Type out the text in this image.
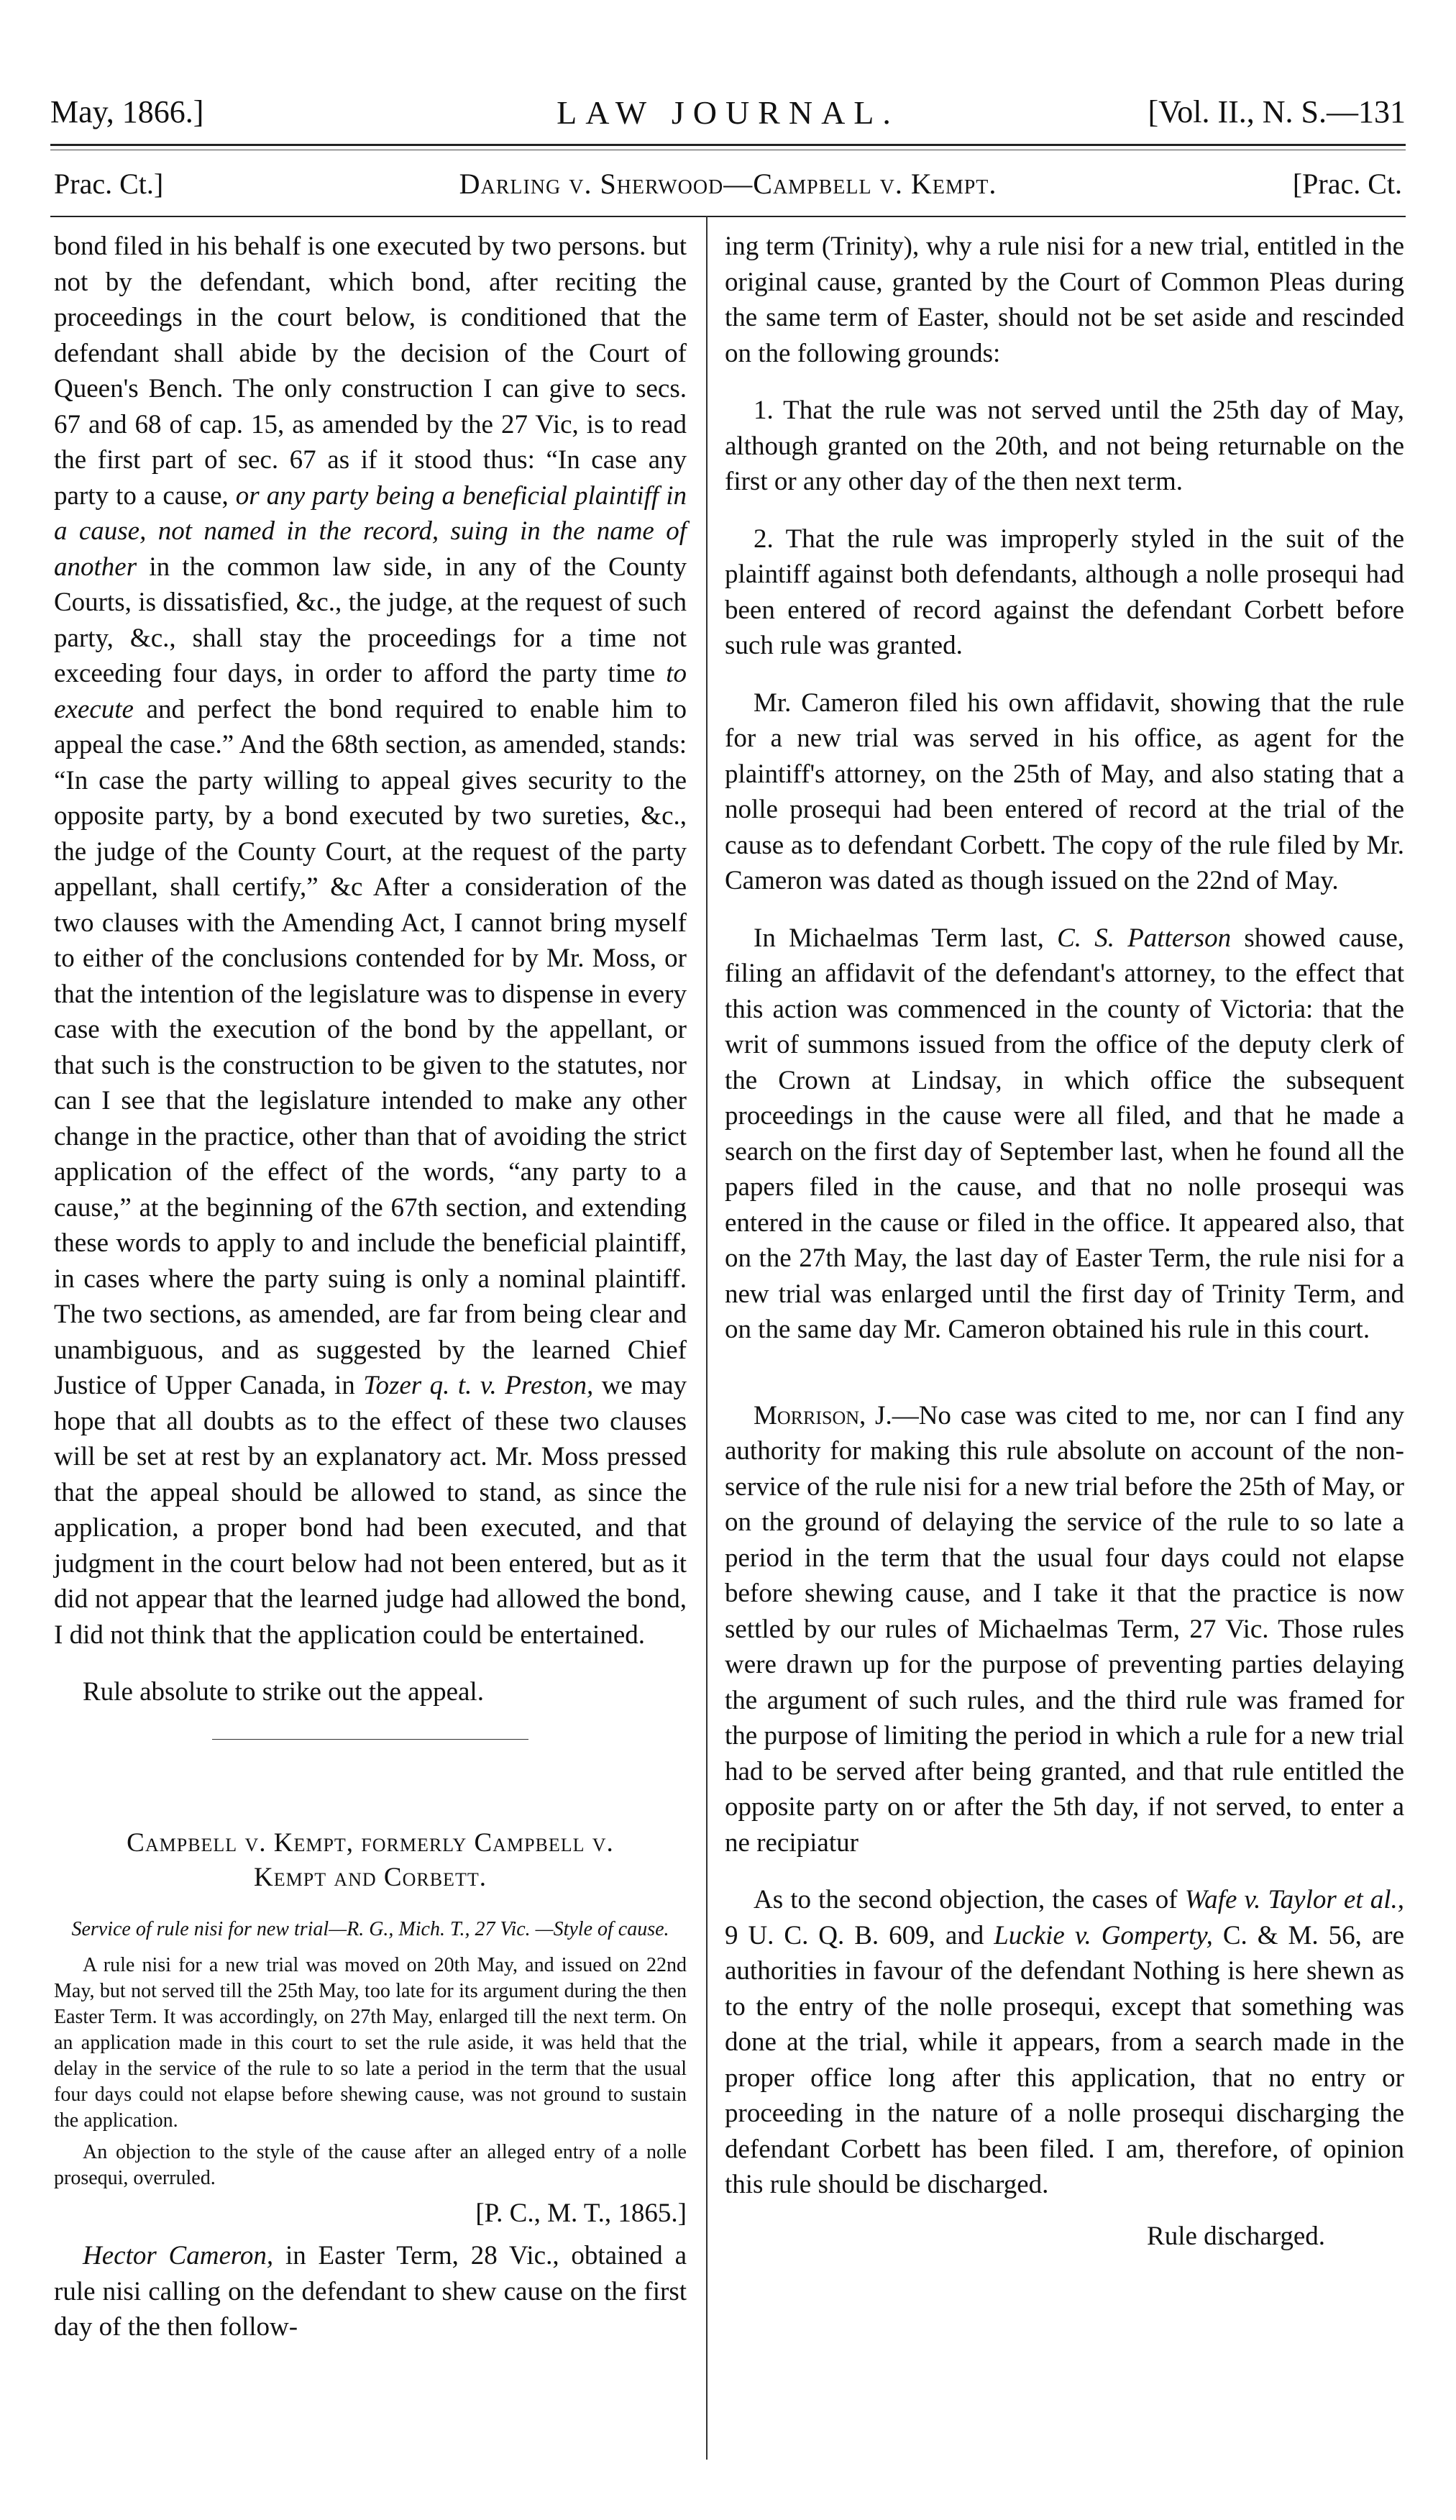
May, 1866.]	LAW JOURNAL.	[Vol. II., N. S.—131
Prac. Ct.]	Darling v. Sherwood—Campbell v. Kempt.	[Prac. Ct.

bond filed in his behalf is one executed by two persons. but not by the defendant, which bond, after reciting the proceedings in the court below, is conditioned that the defendant shall abide by the decision of the Court of Queen's Bench. The only construction I can give to secs. 67 and 68 of cap. 15, as amended by the 27 Vic, is to read the first part of sec. 67 as if it stood thus: “In case any party to a cause, or any party being a beneficial plaintiff in a cause, not named in the record, suing in the name of another in the common law side, in any of the County Courts, is dissatisfied, &c., the judge, at the request of such party, &c., shall stay the proceedings for a time not exceeding four days, in order to afford the party time to execute and perfect the bond required to enable him to appeal the case.” And the 68th section, as amended, stands: “In case the party willing to appeal gives security to the opposite party, by a bond executed by two sureties, &c., the judge of the County Court, at the request of the party appellant, shall certify,” &c After a consideration of the two clauses with the Amending Act, I cannot bring myself to either of the conclusions contended for by Mr. Moss, or that the intention of the legislature was to dispense in every case with the execution of the bond by the appellant, or that such is the construction to be given to the statutes, nor can I see that the legislature intended to make any other change in the practice, other than that of avoiding the strict application of the effect of the words, “any party to a cause,” at the beginning of the 67th section, and extending these words to apply to and include the beneficial plaintiff, in cases where the party suing is only a nominal plaintiff. The two sections, as amended, are far from being clear and unambiguous, and as suggested by the learned Chief Justice of Upper Canada, in Tozer q. t. v. Preston, we may hope that all doubts as to the effect of these two clauses will be set at rest by an explanatory act. Mr. Moss pressed that the appeal should be allowed to stand, as since the application, a proper bond had been executed, and that judgment in the court below had not been entered, but as it did not appear that the learned judge had allowed the bond, I did not think that the application could be entertained.

Rule absolute to strike out the appeal.

Campbell v. Kempt, formerly Campbell v.
Kempt and Corbett.

Service of rule nisi for new trial—R. G., Mich. T., 27 Vic. —Style of cause.

A rule nisi for a new trial was moved on 20th May, and issued on 22nd May, but not served till the 25th May, too late for its argument during the then Easter Term. It was accordingly, on 27th May, enlarged till the next term. On an application made in this court to set the rule aside, it was held that the delay in the service of the rule to so late a period in the term that the usual four days could not elapse before shewing cause, was not ground to sustain the application.

An objection to the style of the cause after an alleged entry of a nolle prosequi, overruled.

[P. C., M. T., 1865.]

Hector Cameron, in Easter Term, 28 Vic., obtained a rule nisi calling on the defendant to shew cause on the first day of the then follow-

ing term (Trinity), why a rule nisi for a new trial, entitled in the original cause, granted by the Court of Common Pleas during the same term of Easter, should not be set aside and rescinded on the following grounds:

1. That the rule was not served until the 25th day of May, although granted on the 20th, and not being returnable on the first or any other day of the then next term.

2. That the rule was improperly styled in the suit of the plaintiff against both defendants, although a nolle prosequi had been entered of record against the defendant Corbett before such rule was granted.

Mr. Cameron filed his own affidavit, showing that the rule for a new trial was served in his office, as agent for the plaintiff's attorney, on the 25th of May, and also stating that a nolle prosequi had been entered of record at the trial of the cause as to defendant Corbett. The copy of the rule filed by Mr. Cameron was dated as though issued on the 22nd of May.

In Michaelmas Term last, C. S. Patterson showed cause, filing an affidavit of the defendant's attorney, to the effect that this action was commenced in the county of Victoria: that the writ of summons issued from the office of the deputy clerk of the Crown at Lindsay, in which office the subsequent proceedings in the cause were all filed, and that he made a search on the first day of September last, when he found all the papers filed in the cause, and that no nolle prosequi was entered in the cause or filed in the office. It appeared also, that on the 27th May, the last day of Easter Term, the rule nisi for a new trial was enlarged until the first day of Trinity Term, and on the same day Mr. Cameron obtained his rule in this court.

Morrison, J.—No case was cited to me, nor can I find any authority for making this rule absolute on account of the non-service of the rule nisi for a new trial before the 25th of May, or on the ground of delaying the service of the rule to so late a period in the term that the usual four days could not elapse before shewing cause, and I take it that the practice is now settled by our rules of Michaelmas Term, 27 Vic. Those rules were drawn up for the purpose of preventing parties delaying the argument of such rules, and the third rule was framed for the purpose of limiting the period in which a rule for a new trial had to be served after being granted, and that rule entitled the opposite party on or after the 5th day, if not served, to enter a ne recipiatur

As to the second objection, the cases of Wafe v. Taylor et al., 9 U. C. Q. B. 609, and Luckie v. Gomperty, C. & M. 56, are authorities in favour of the defendant Nothing is here shewn as to the entry of the nolle prosequi, except that something was done at the trial, while it appears, from a search made in the proper office long after this application, that no entry or proceeding in the nature of a nolle prosequi discharging the defendant Corbett has been filed. I am, therefore, of opinion this rule should be discharged.

Rule discharged.
